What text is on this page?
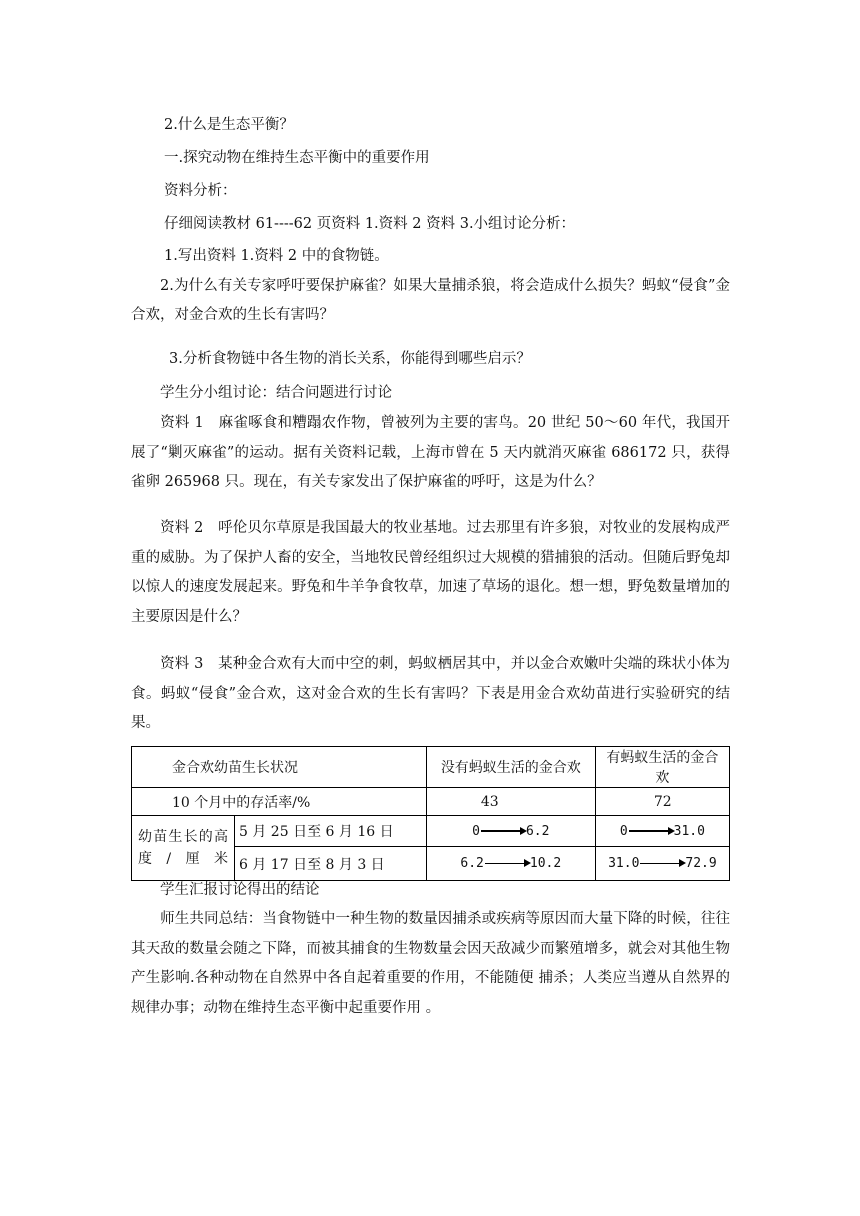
2.什么是生态平衡？
一.探究动物在维持生态平衡中的重要作用
资料分析：
仔细阅读教材 61----62 页资料 1.资料 2 资料 3.小组讨论分析：
1.写出资料 1.资料 2 中的食物链。
2.为什么有关专家呼吁要保护麻雀？如果大量捕杀狼，将会造成什么损失？蚂蚁“侵食”金合欢，对金合欢的生长有害吗？
3.分析食物链中各生物的消长关系，你能得到哪些启示？
学生分小组讨论：结合问题进行讨论
资料 1　麻雀啄食和糟蹋农作物，曾被列为主要的害鸟。20 世纪 50～60 年代，我国开展了“剿灭麻雀”的运动。据有关资料记载，上海市曾在 5 天内就消灭麻雀 686172 只，获得雀卵 265968 只。现在，有关专家发出了保护麻雀的呼吁，这是为什么？
资料 2　呼伦贝尔草原是我国最大的牧业基地。过去那里有许多狼，对牧业的发展构成严重的威胁。为了保护人畜的安全，当地牧民曾经组织过大规模的猎捕狼的活动。但随后野兔却以惊人的速度发展起来。野兔和牛羊争食牧草，加速了草场的退化。想一想，野兔数量增加的主要原因是什么？
资料 3　某种金合欢有大而中空的刺，蚂蚁栖居其中，并以金合欢嫩叶尖端的珠状小体为食。蚂蚁“侵食”金合欢，这对金合欢的生长有害吗？下表是用金合欢幼苗进行实验研究的结果。
金合欢幼苗生长状况		没有蚂蚁生活的金合欢	有蚂蚁生活的金合欢
10 个月中的存活率/%		43	72
幼苗生长的高度/厘米	5 月 25 日至 6 月 16 日	0 6.2	0 31.0

	6 月 17 日至 8 月 3 日	6.2 10.2	31.0 72.9
学生汇报讨论得出的结论
师生共同总结：当食物链中一种生物的数量因捕杀或疾病等原因而大量下降的时候，往往其天敌的数量会随之下降，而被其捕食的生物数量会因天敌减少而繁殖增多，就会对其他生物产生影响.各种动物在自然界中各自起着重要的作用，不能随便 捕杀；人类应当遵从自然界的规律办事；动物在维持生态平衡中起重要作用 。
